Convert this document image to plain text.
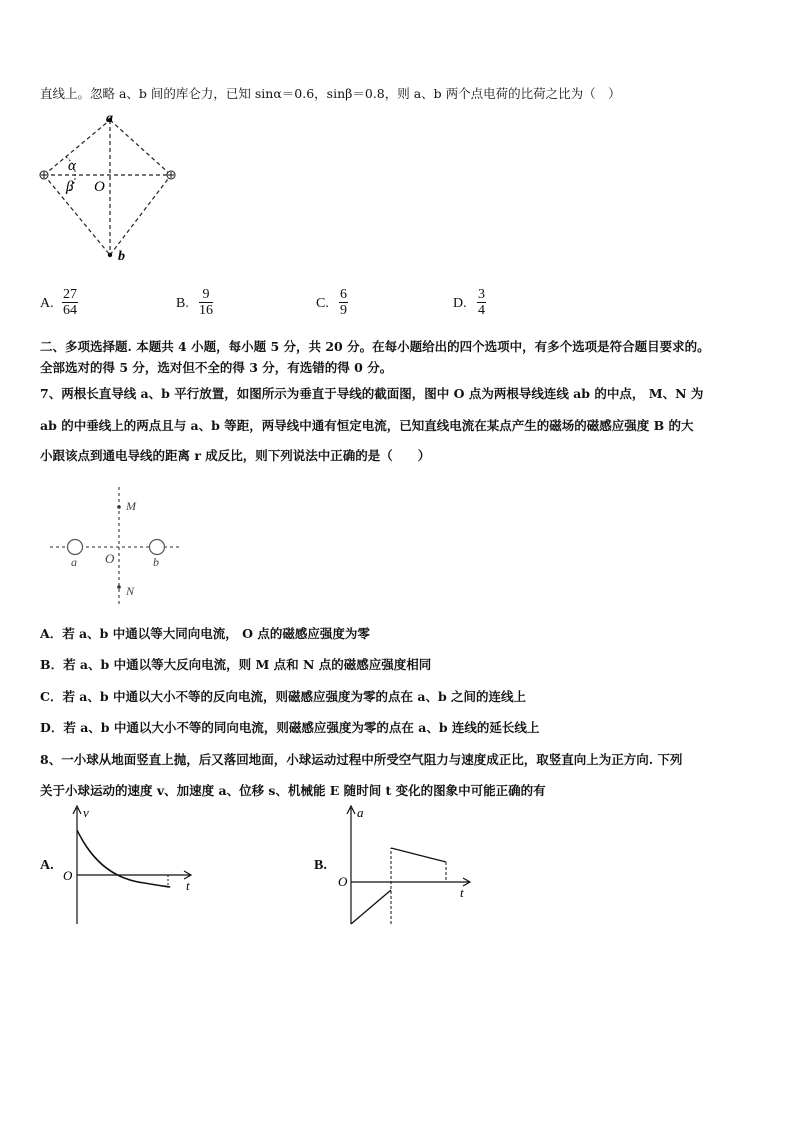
直线上。忽略 a、b 间的库仑力，已知 sinα＝0.6，sinβ＝0.8，则 a、b 两个点电荷的比荷之比为（　）
a
b
O
α
β
A. $\frac{27}{64}$	B. $\frac{9}{16}$	C. $\frac{6}{9}$	D. $\frac{3}{4}$
二、多项选择题. 本题共 4 小题，每小题 5 分，共 20 分。在每小题给出的四个选项中，有多个选项是符合题目要求的。
全部选对的得 5 分，选对但不全的得 3 分，有选错的得 0 分。
7、两根长直导线 a、b 平行放置，如图所示为垂直于导线的截面图，图中 O 点为两根导线连线 ab 的中点， M、N 为
ab 的中垂线上的两点且与 a、b 等距，两导线中通有恒定电流，已知直线电流在某点产生的磁场的磁感应强度 B 的大
小跟该点到通电导线的距离 r 成反比，则下列说法中正确的是（　　）
M
N
O
a	b
A．若 a、b 中通以等大同向电流， O 点的磁感应强度为零
B．若 a、b 中通以等大反向电流，则 M 点和 N 点的磁感应强度相同
C．若 a、b 中通以大小不等的反向电流，则磁感应强度为零的点在 a、b 之间的连线上
D．若 a、b 中通以大小不等的同向电流，则磁感应强度为零的点在 a、b 连线的延长线上
8、一小球从地面竖直上抛，后又落回地面，小球运动过程中所受空气阻力与速度成正比，取竖直向上为正方向. 下列
关于小球运动的速度 v、加速度 a、位移 s、机械能 E 随时间 t 变化的图象中可能正确的有
A.
v
t
O
B.
a
t
O
